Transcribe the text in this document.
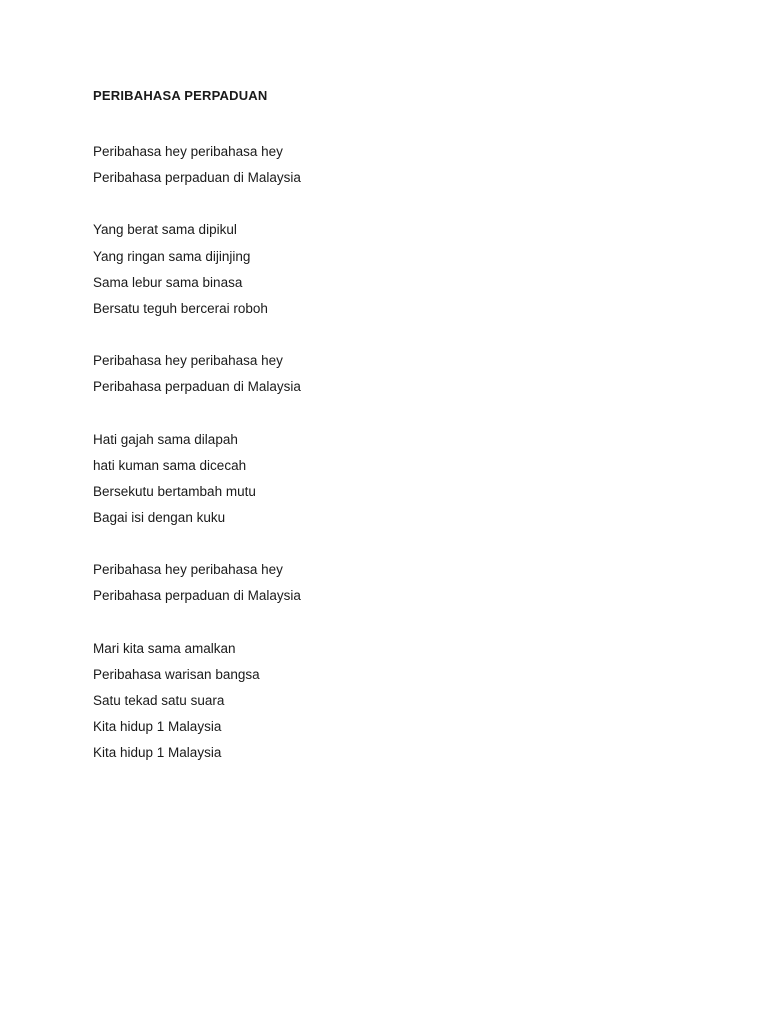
PERIBAHASA PERPADUAN
Peribahasa hey peribahasa hey
Peribahasa perpaduan di Malaysia
Yang berat sama dipikul
Yang ringan sama dijinjing
Sama lebur sama binasa
Bersatu teguh bercerai roboh
Peribahasa hey peribahasa hey
Peribahasa perpaduan di Malaysia
Hati gajah sama dilapah
hati kuman sama dicecah
Bersekutu bertambah mutu
Bagai isi dengan kuku
Peribahasa hey peribahasa hey
Peribahasa perpaduan di Malaysia
Mari kita sama amalkan
Peribahasa warisan bangsa
Satu tekad satu suara
Kita hidup 1 Malaysia
Kita hidup 1 Malaysia
